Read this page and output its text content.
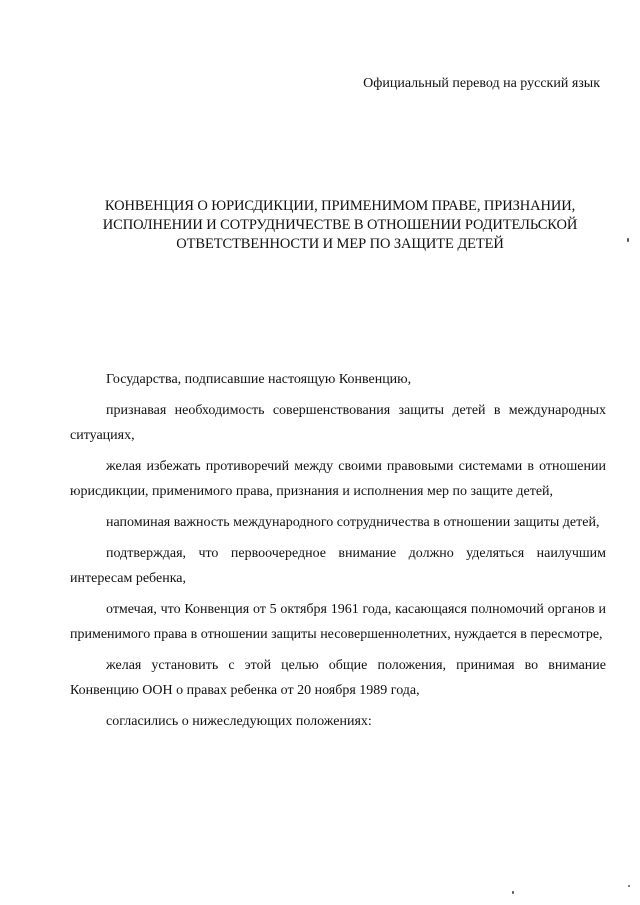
Официальный перевод на русский язык
КОНВЕНЦИЯ О ЮРИСДИКЦИИ, ПРИМЕНИМОМ ПРАВЕ, ПРИЗНАНИИ,
ИСПОЛНЕНИИ И СОТРУДНИЧЕСТВЕ В ОТНОШЕНИИ РОДИТЕЛЬСКОЙ
ОТВЕТСТВЕННОСТИ И МЕР ПО ЗАЩИТЕ ДЕТЕЙ

Государства, подписавшие настоящую Конвенцию,

признавая необходимость совершенствования защиты детей в международных ситуациях,

желая избежать противоречий между своими правовыми системами в отношении юрисдикции, применимого права, признания и исполнения мер по защите детей,

напоминая важность международного сотрудничества в отношении защиты детей,

подтверждая, что первоочередное внимание должно уделяться наилучшим интересам ребенка,

отмечая, что Конвенция от 5 октября 1961 года, касающаяся полномочий органов и применимого права в отношении защиты несовершеннолетних, нуждается в пересмотре,

желая установить с этой целью общие положения, принимая во внимание Конвенцию ООН о правах ребенка от 20 ноября 1989 года,

согласились о нижеследующих положениях:
